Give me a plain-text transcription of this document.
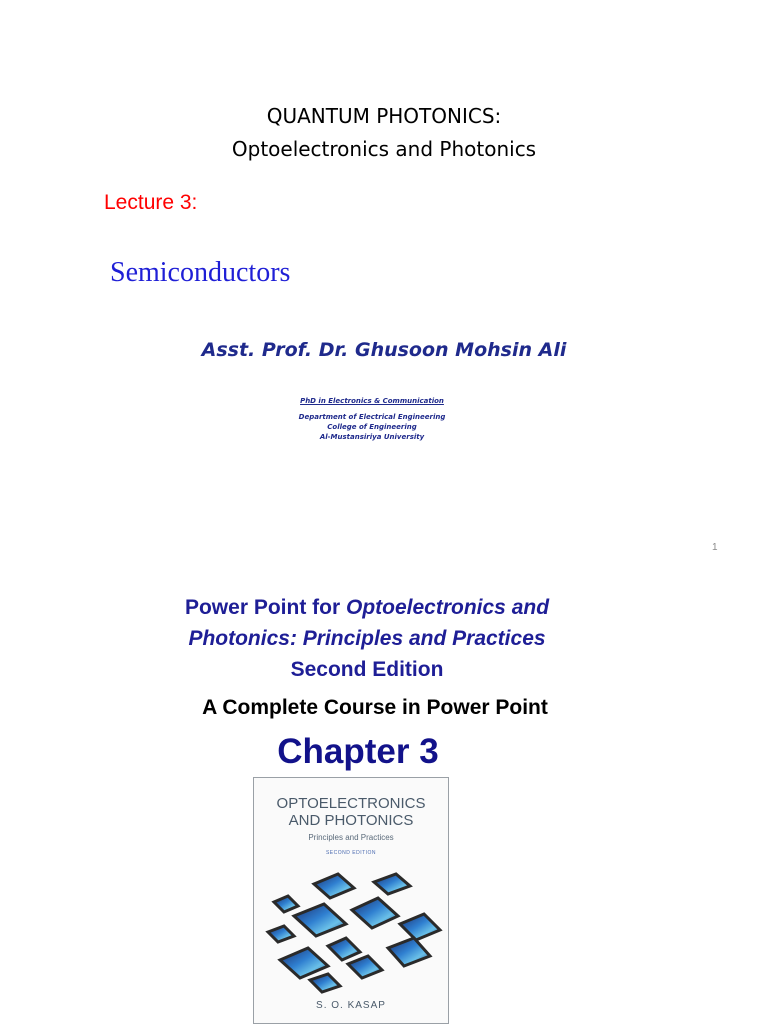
QUANTUM PHOTONICS:
Optoelectronics and Photonics
Lecture 3:
Semiconductors
Asst. Prof. Dr. Ghusoon Mohsin Ali
PhD in Electronics & Communication
Department of Electrical Engineering
College of Engineering
Al-Mustansiriya University
1
Power Point for Optoelectronics and
Photonics: Principles and Practices
Second Edition
A Complete Course in Power Point
Chapter 3
OPTOELECTRONICS
AND PHOTONICS
Principles and Practices
SECOND EDITION
S. O. KASAP
